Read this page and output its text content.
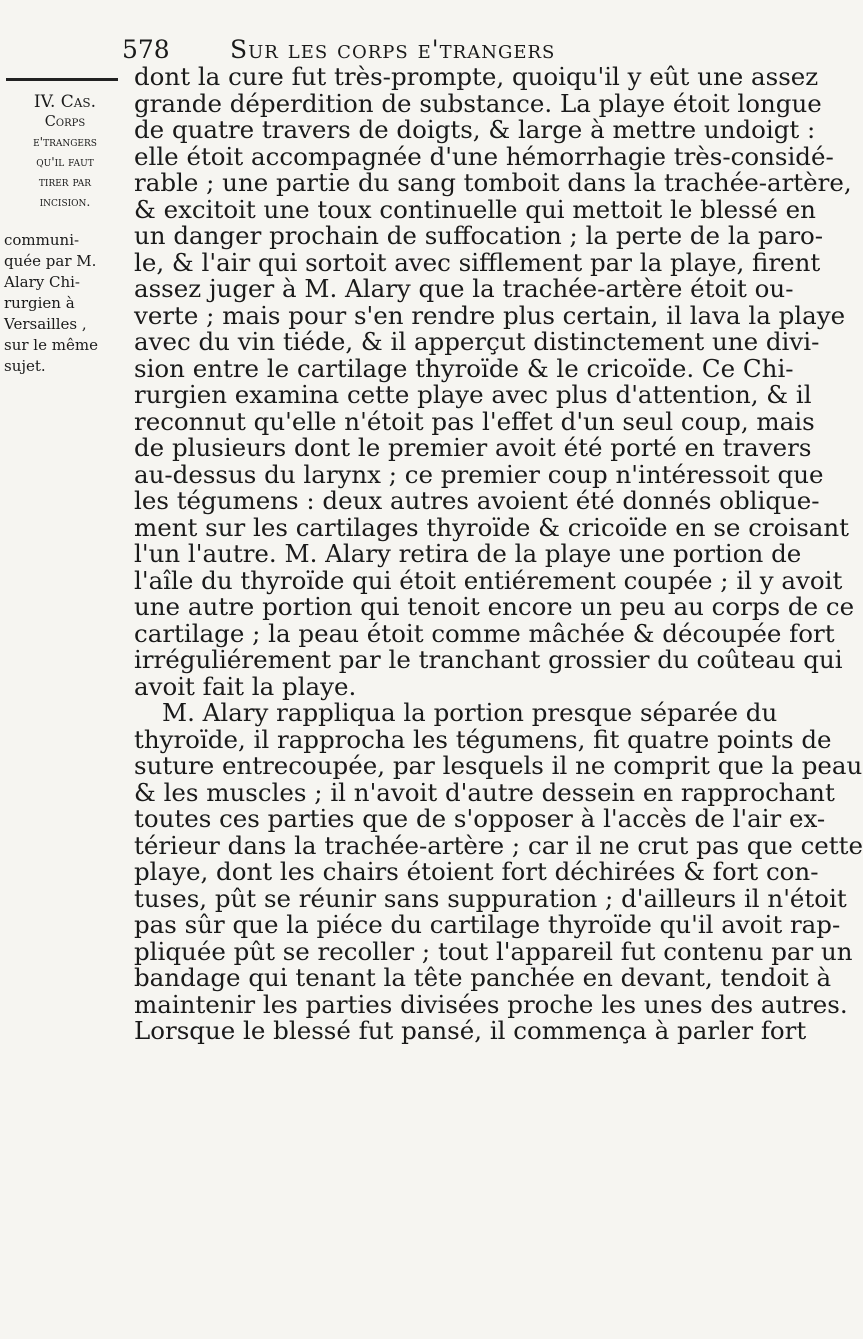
578 Sur les corps e'trangers
IV. Cas.
Corps
e'trangers
qu'il faut
tirer par
incision.
communi-
quée par M.
Alary Chi-
rurgien à
Versailles ,
sur le même
sujet.
dont la cure fut très-prompte, quoiqu'il y eût une assez
grande déperdition de substance. La playe étoit longue
de quatre travers de doigts, & large à mettre undoigt :
elle étoit accompagnée d'une hémorrhagie très-considé-
rable ; une partie du sang tomboit dans la trachée-artère,
& excitoit une toux continuelle qui mettoit le blessé en
un danger prochain de suffocation ; la perte de la paro-
le, & l'air qui sortoit avec sifflement par la playe, firent
assez juger à M. Alary que la trachée-artère étoit ou-
verte ; mais pour s'en rendre plus certain, il lava la playe
avec du vin tiéde, & il apperçut distinctement une divi-
sion entre le cartilage thyroïde & le cricoïde. Ce Chi-
rurgien examina cette playe avec plus d'attention, & il
reconnut qu'elle n'étoit pas l'effet d'un seul coup, mais
de plusieurs dont le premier avoit été porté en travers
au-dessus du larynx ; ce premier coup n'intéressoit que
les tégumens : deux autres avoient été donnés oblique-
ment sur les cartilages thyroïde & cricoïde en se croisant
l'un l'autre. M. Alary retira de la playe une portion de
l'aîle du thyroïde qui étoit entiérement coupée ; il y avoit
une autre portion qui tenoit encore un peu au corps de ce
cartilage ; la peau étoit comme mâchée & découpée fort
irréguliérement par le tranchant grossier du coûteau qui
avoit fait la playe.
M. Alary rappliqua la portion presque séparée du
thyroïde, il rapprocha les tégumens, fit quatre points de
suture entrecoupée, par lesquels il ne comprit que la peau
& les muscles ; il n'avoit d'autre dessein en rapprochant
toutes ces parties que de s'opposer à l'accès de l'air ex-
térieur dans la trachée-artère ; car il ne crut pas que cette
playe, dont les chairs étoient fort déchirées & fort con-
tuses, pût se réunir sans suppuration ; d'ailleurs il n'étoit
pas sûr que la piéce du cartilage thyroïde qu'il avoit rap-
pliquée pût se recoller ; tout l'appareil fut contenu par un
bandage qui tenant la tête panchée en devant, tendoit à
maintenir les parties divisées proche les unes des autres.
Lorsque le blessé fut pansé, il commença à parler fort
